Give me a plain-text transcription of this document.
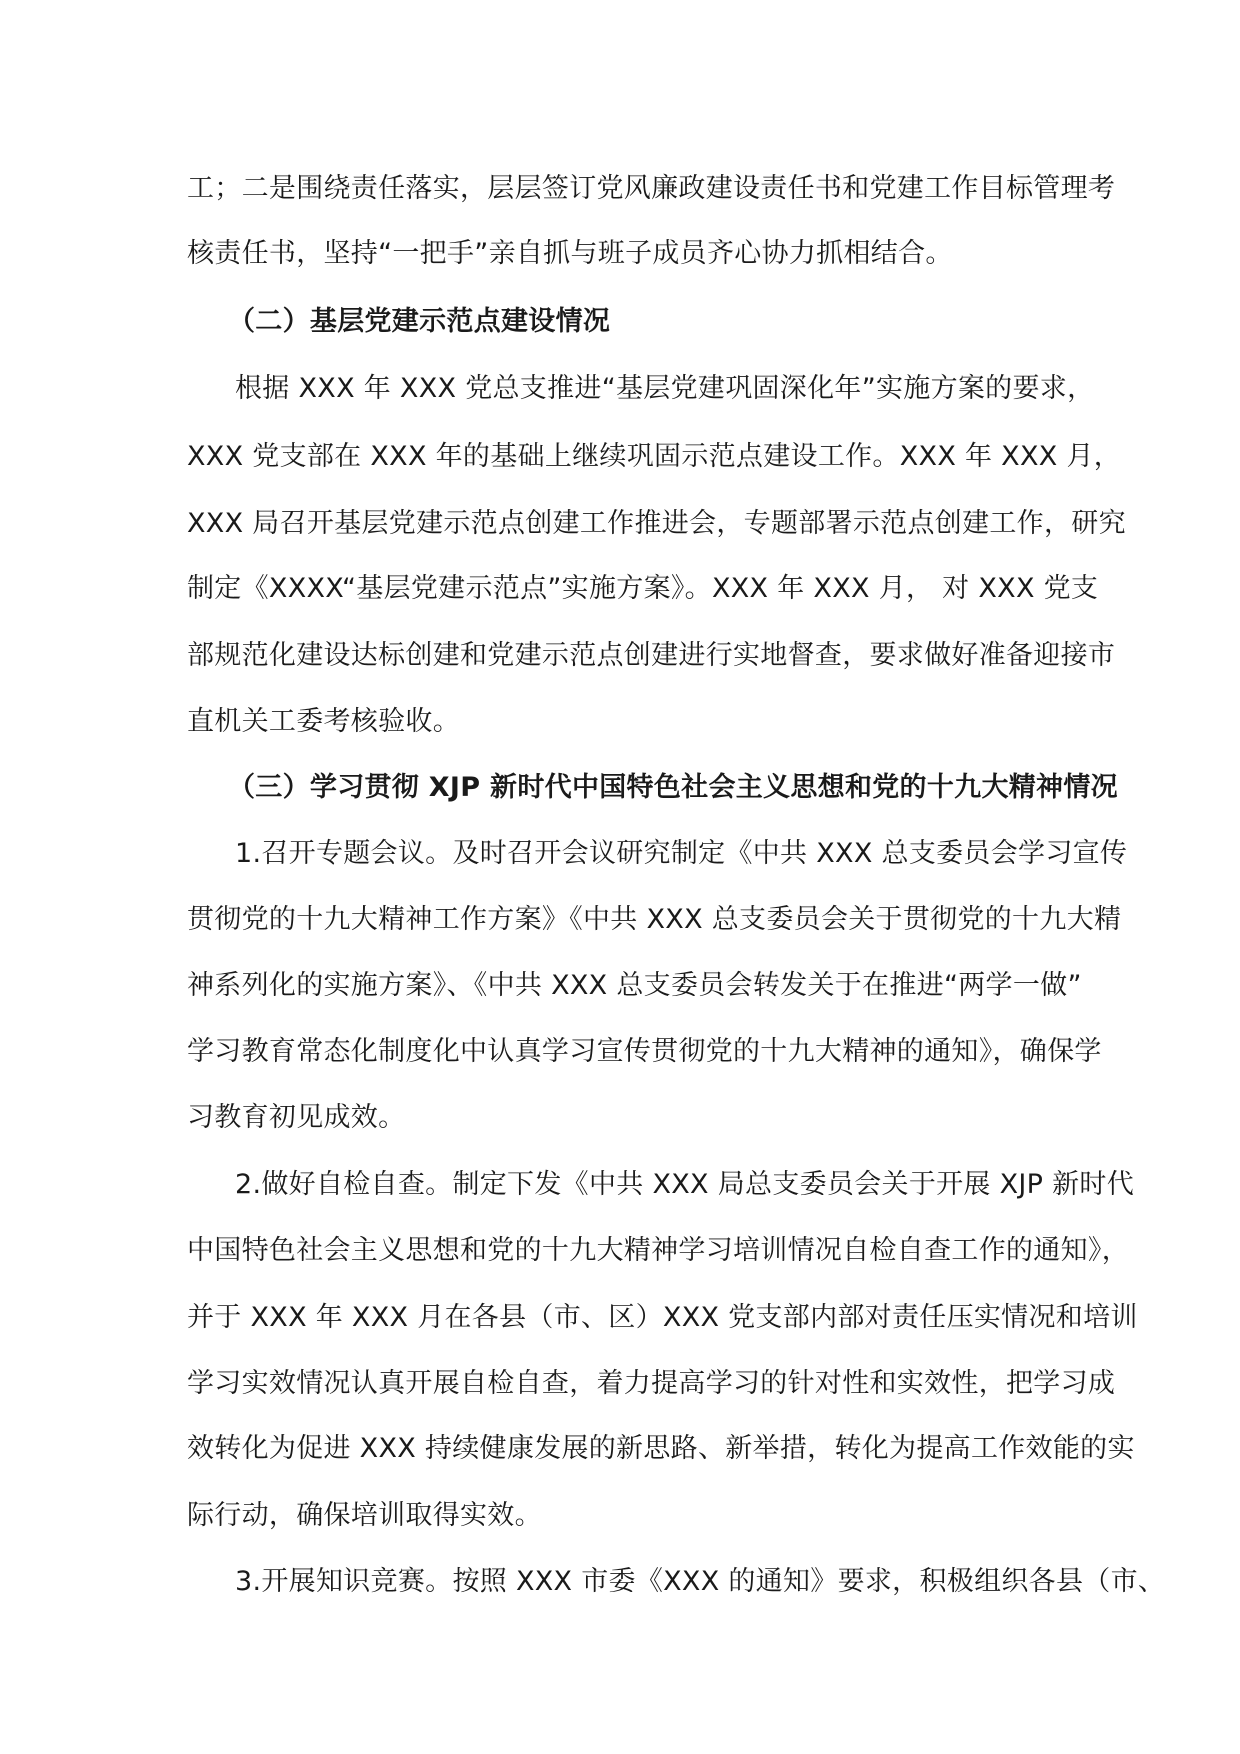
工；二是围绕责任落实，层层签订党风廉政建设责任书和党建工作目标管理考
核责任书，坚持“一把手”亲自抓与班子成员齐心协力抓相结合。
（二）基层党建示范点建设情况
根据 XXX 年 XXX 党总支推进“基层党建巩固深化年”实施方案的要求，
XXX 党支部在 XXX 年的基础上继续巩固示范点建设工作。XXX 年 XXX 月，
XXX 局召开基层党建示范点创建工作推进会，专题部署示范点创建工作，研究
制定《XXXX“基层党建示范点”实施方案》。XXX 年 XXX 月， 对 XXX 党支
部规范化建设达标创建和党建示范点创建进行实地督查，要求做好准备迎接市
直机关工委考核验收。
（三）学习贯彻 XJP 新时代中国特色社会主义思想和党的十九大精神情况
1.召开专题会议。及时召开会议研究制定《中共 XXX 总支委员会学习宣传
贯彻党的十九大精神工作方案》《中共 XXX 总支委员会关于贯彻党的十九大精
神系列化的实施方案》、《中共 XXX 总支委员会转发关于在推进“两学一做”
学习教育常态化制度化中认真学习宣传贯彻党的十九大精神的通知》，确保学
习教育初见成效。
2.做好自检自查。制定下发《中共 XXX 局总支委员会关于开展 XJP 新时代
中国特色社会主义思想和党的十九大精神学习培训情况自检自查工作的通知》，
并于 XXX 年 XXX 月在各县（市、区）XXX 党支部内部对责任压实情况和培训
学习实效情况认真开展自检自查，着力提高学习的针对性和实效性，把学习成
效转化为促进 XXX 持续健康发展的新思路、新举措，转化为提高工作效能的实
际行动，确保培训取得实效。
3.开展知识竞赛。按照 XXX 市委《XXX 的通知》要求，积极组织各县（市、
